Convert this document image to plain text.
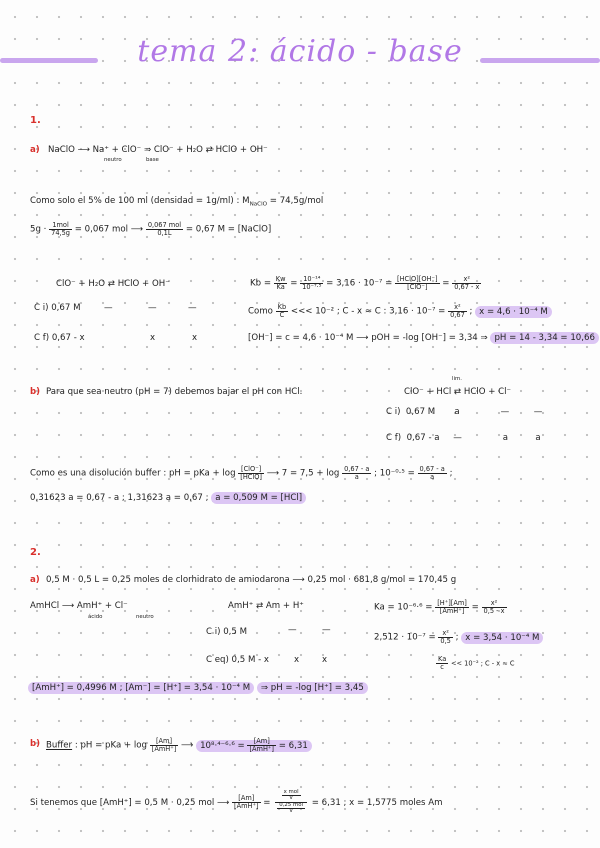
tema 2: ácido - base
1.
a) NaClO ⟶ Na⁺ + ClO⁻ ⇒ ClO⁻ + H₂O ⇄ HClO + OH⁻
neutro	base
Como solo el 5% de 100 ml (densidad = 1g/ml) : $M_{NaClO} = 74,5g/mol$
$5g \cdot \frac{\text{1mol}}{74,5g} = 0,067$ mol ⟶ $\frac{\text{0,067 mol}}{0,1L} = 0,67$ M = [NaClO]
ClO⁻ + H₂O ⇄ HClO + OH⁻
C i) 0,67 M	—	—	—
C f) 0,67 - x	x	x
$Kb = \frac{Kw}{Ka} = \frac{\text{10⁻¹⁴}}{\text{10⁻⁷·⁵}} = 3,16 \cdot 10^{-7} = \frac{\text{[HClO][OH⁻]}}{\text{[ClO⁻]}} = \frac{\text{x²}}{0,67 - x}$
Como $\frac{Kb}{C}$ <<< 10⁻² ; C - x ≈ C : $3,16 \cdot 10^{-7} = \frac{\text{x²}}{0,67}$ ; x = 4,6 · 10⁻⁴ M
[OH⁻] = c = 4,6 · 10⁻⁴ M ⟶ pOH = -log [OH⁻] = 3,34 ⇒ pH = 14 - 3,34 = 10,66
b) Para que sea neutro (pH = 7) debemos bajar el pH con HCl.
lim.
ClO⁻ + HCl ⇄ HClO + Cl⁻
C i)  0,67 M       a               —         —
C f)  0,67 - a     —               a          a
Como es una disolución buffer : pH = pKa + $\log \frac{\text{[ClO⁻]}}{\text{[HClO]}}$ ⟶ $7 = 7,5 + \log \frac{0,67 - a}{a}$ ; $10^{-0}\cdot^5 = \frac{0,67 - a}{a}$ ;
0,31623 a = 0,67 - a ; 1,31623 a = 0,67 ; a = 0,509 M = [HCl]
2.
a) 0,5 M · 0,5 L = 0,25 moles de clorhidrato de amiodarona ⟶ 0,25 mol · 681,8 g/mol = 170,45 g
AmHCl ⟶ AmH⁺ + Cl⁻
ácido	neutro
AmH⁺ ⇄ Am + H⁺
C i) 0,5 M	—	—
C eq) 0,5 M - x	x	x
$Ka = 10^{-6}\cdot^6 = \frac{[H^+][Am]}{\text{[AmH⁺]}} = \frac{\text{x²}}{0,5 - x}$
$2,512 \cdot 10^{-7} = \frac{\text{x²}}{0,5}$ ; x = 3,54 · 10⁻⁴ M
$\frac{Ka}{c} << 10^{-2}$ ; C - x ≈ C
[AmH⁺] = 0,4996 M ; [Am⁻] = [H⁺] = 3,54 · 10⁻⁴ M ⇒ pH = -log [H⁺] = 3,45
b) Buffer : pH = pKa + $\log \frac{[Am]}{\text{[AmH⁺]}}$ ⟶ $10^8\cdot^{4-6}\cdot^6 = \frac{[Am]}{\text{[AmH⁺]}} = 6,31$
Si tenemos que [AmH⁺] = 0,5 M · 0,25 mol ⟶ $\frac{[Am]}{\text{[AmH⁺]}} = \frac{\frac{\text{x mol}}{V}}{\frac{\text{0,25 mol}}{V}} = 6,31$ ; x = 1,5775 moles Am
